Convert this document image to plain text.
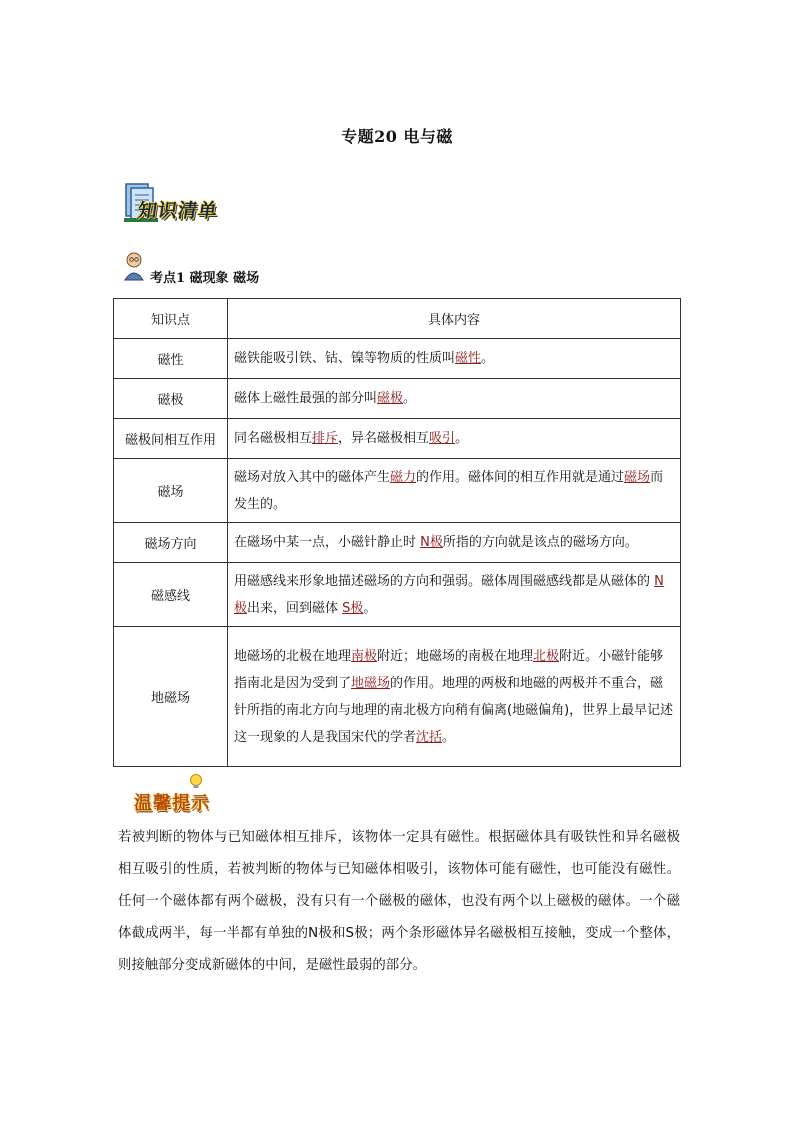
专题20 电与磁
知识清单
考点1 磁现象 磁场
知识点	具体内容
磁性	磁铁能吸引铁、钴、镍等物质的性质叫磁性。
磁极	磁体上磁性最强的部分叫磁极。
磁极间相互作用	同名磁极相互排斥，异名磁极相互吸引。
磁场	磁场对放入其中的磁体产生磁力的作用。磁体间的相互作用就是通过磁场而发生的。
磁场方向	在磁场中某一点，小磁针静止时 N极所指的方向就是该点的磁场方向。
磁感线	用磁感线来形象地描述磁场的方向和强弱。磁体周围磁感线都是从磁体的 N极出来，回到磁体 S极。
地磁场	地磁场的北极在地理南极附近；地磁场的南极在地理北极附近。小磁针能够指南北是因为受到了地磁场的作用。地理的两极和地磁的两极并不重合，磁针所指的南北方向与地理的南北极方向稍有偏离(地磁偏角)，世界上最早记述这一现象的人是我国宋代的学者沈括。
温馨提示
若被判断的物体与已知磁体相互排斥，该物体一定具有磁性。根据磁体具有吸铁性和异名磁极相互吸引的性质，若被判断的物体与已知磁体相吸引，该物体可能有磁性，也可能没有磁性。任何一个磁体都有两个磁极，没有只有一个磁极的磁体，也没有两个以上磁极的磁体。一个磁体截成两半，每一半都有单独的N极和S极；两个条形磁体异名磁极相互接触，变成一个整体，则接触部分变成新磁体的中间，是磁性最弱的部分。
